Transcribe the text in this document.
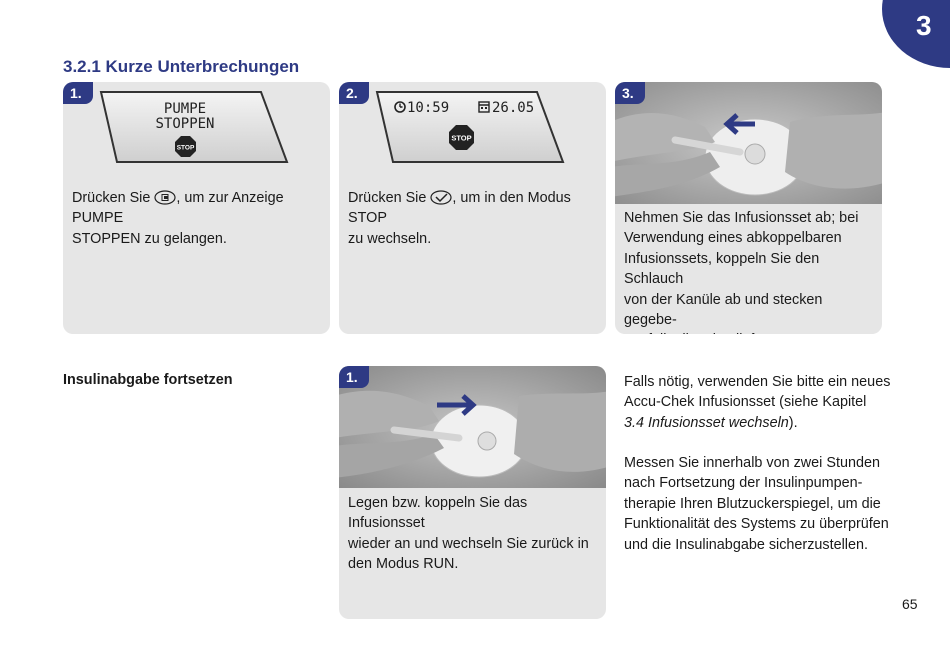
3
3.2.1 Kurze Unterbrechungen
1.
PUMPE
STOPPEN
STOP
Drücken Sie , um zur Anzeige PUMPE
STOPPEN zu gelangen.
2.
10:59	26.05
STOP
Drücken Sie , um in den Modus STOP
zu wechseln.
3.
Nehmen Sie das Infusionsset ab; bei
Verwendung eines abkoppelbaren
Infusionssets, koppeln Sie den Schlauch
von der Kanüle ab und stecken gegebe-
Insulinabgabe fortsetzen	1.
Legen bzw. koppeln Sie das Infusionsset
wieder an und wechseln Sie zurück in
den Modus RUN.
Falls nötig, verwenden Sie bitte ein neues
Accu-Chek Infusionsset (siehe Kapitel
3.4 Infusionsset wechseln).
Messen Sie innerhalb von zwei Stunden
nach Fortsetzung der Insulinpumpen-
therapie Ihren Blutzuckerspiegel, um die
Funktionalität des Systems zu überprüfen
und die Insulinabgabe sicherzustellen.
65
